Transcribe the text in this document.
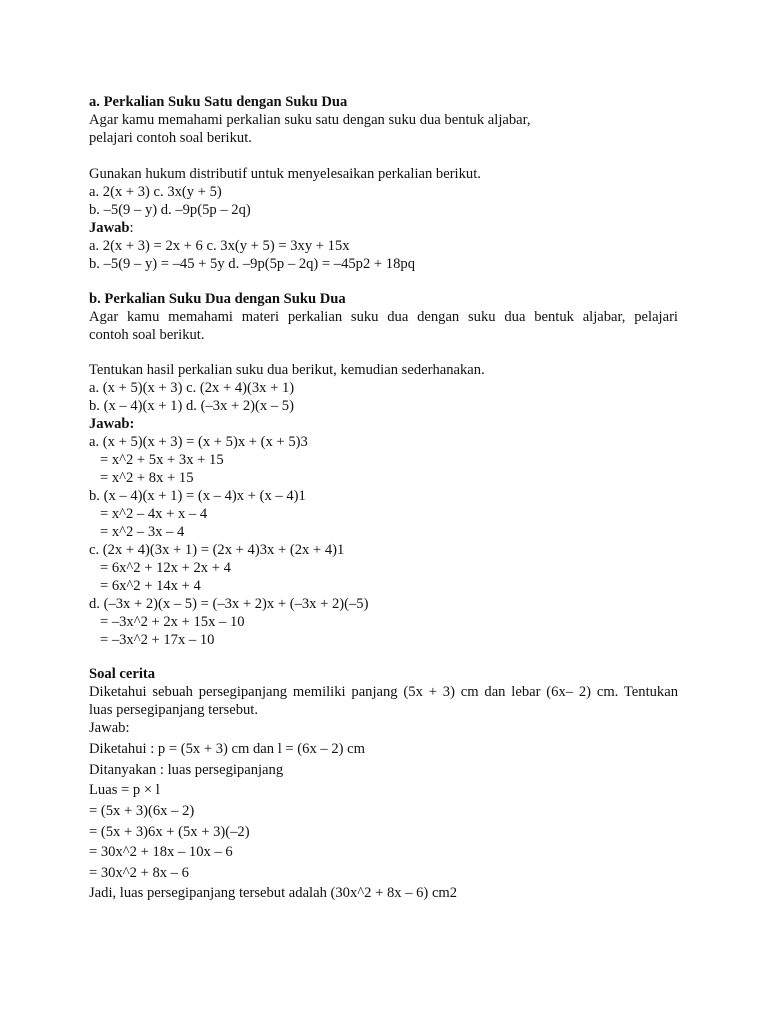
a. Perkalian Suku Satu dengan Suku Dua

Agar kamu memahami perkalian suku satu dengan suku dua bentuk aljabar,

pelajari contoh soal berikut.

Gunakan hukum distributif untuk menyelesaikan perkalian berikut.

a. 2(x + 3) c. 3x(y + 5)

b. –5(9 – y) d. –9p(5p – 2q)

Jawab:

a. 2(x + 3) = 2x + 6 c. 3x(y + 5) = 3xy + 15x

b. –5(9 – y) = –45 + 5y d. –9p(5p – 2q) = –45p2 + 18pq

b. Perkalian Suku Dua dengan Suku Dua

Agar kamu memahami materi perkalian suku dua dengan suku dua bentuk aljabar, pelajari

contoh soal berikut.

Tentukan hasil perkalian suku dua berikut, kemudian sederhanakan.

a. (x + 5)(x + 3) c. (2x + 4)(3x + 1)

b. (x – 4)(x + 1) d. (–3x + 2)(x – 5)

Jawab:

a. (x + 5)(x + 3) = (x + 5)x + (x + 5)3

= x^2 + 5x + 3x + 15

= x^2 + 8x + 15

b. (x – 4)(x + 1) = (x – 4)x + (x – 4)1

= x^2 – 4x + x – 4

= x^2 – 3x – 4

c. (2x + 4)(3x + 1) = (2x + 4)3x + (2x + 4)1

= 6x^2 + 12x + 2x + 4

= 6x^2 + 14x + 4

d. (–3x + 2)(x – 5) = (–3x + 2)x + (–3x + 2)(–5)

= –3x^2 + 2x + 15x – 10

= –3x^2 + 17x – 10

Soal cerita

Diketahui sebuah persegipanjang memiliki panjang (5x + 3) cm dan lebar (6x– 2) cm. Tentukan

luas persegipanjang tersebut.

Jawab:

Diketahui : p = (5x + 3) cm dan l = (6x – 2) cm

Ditanyakan : luas persegipanjang

Luas = p × l

= (5x + 3)(6x – 2)

= (5x + 3)6x + (5x + 3)(–2)

= 30x^2 + 18x – 10x – 6

= 30x^2 + 8x – 6

Jadi, luas persegipanjang tersebut adalah (30x^2 + 8x – 6) cm2
